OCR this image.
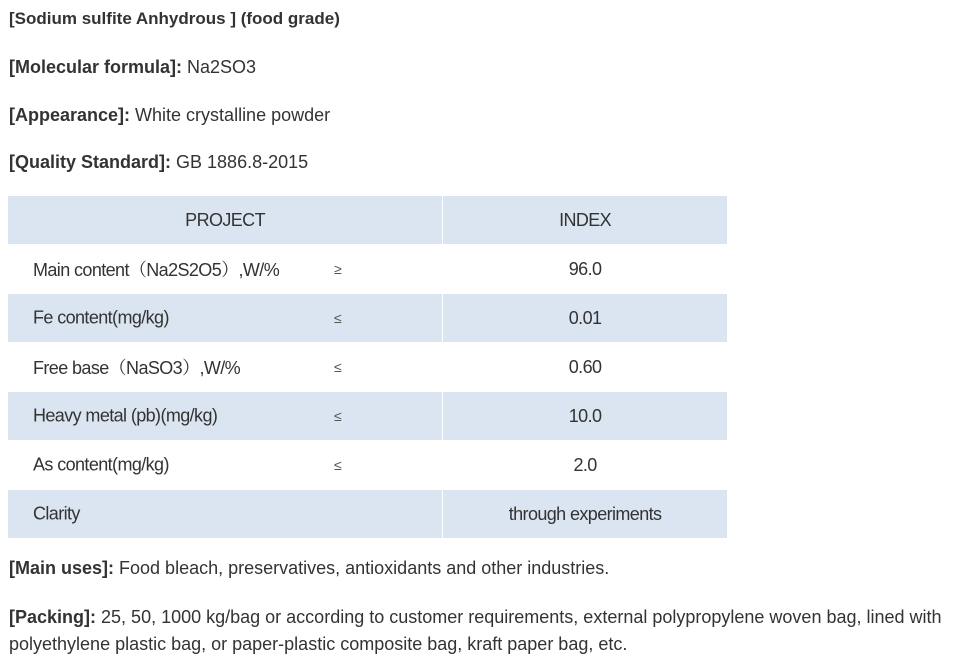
[Sodium sulfite Anhydrous ] (food grade)
[Molecular formula]: Na2SO3
[Appearance]: White crystalline powder
[Quality Standard]: GB 1886.8-2015
PROJECT	INDEX

Main content（Na2S2O5）,W/% ≥	96.0

Fe content(mg/kg) ≤	0.01

Free base（NaSO3）,W/% ≤	0.60

Heavy metal (pb)(mg/kg) ≤	10.0

As content(mg/kg) ≤	2.0

Clarity	through experiments
[Main uses]: Food bleach, preservatives, antioxidants and other industries.
[Packing]: 25, 50, 1000 kg/bag or according to customer requirements, external polypropylene woven bag, lined with polyethylene plastic bag, or paper-plastic composite bag, kraft paper bag, etc.
